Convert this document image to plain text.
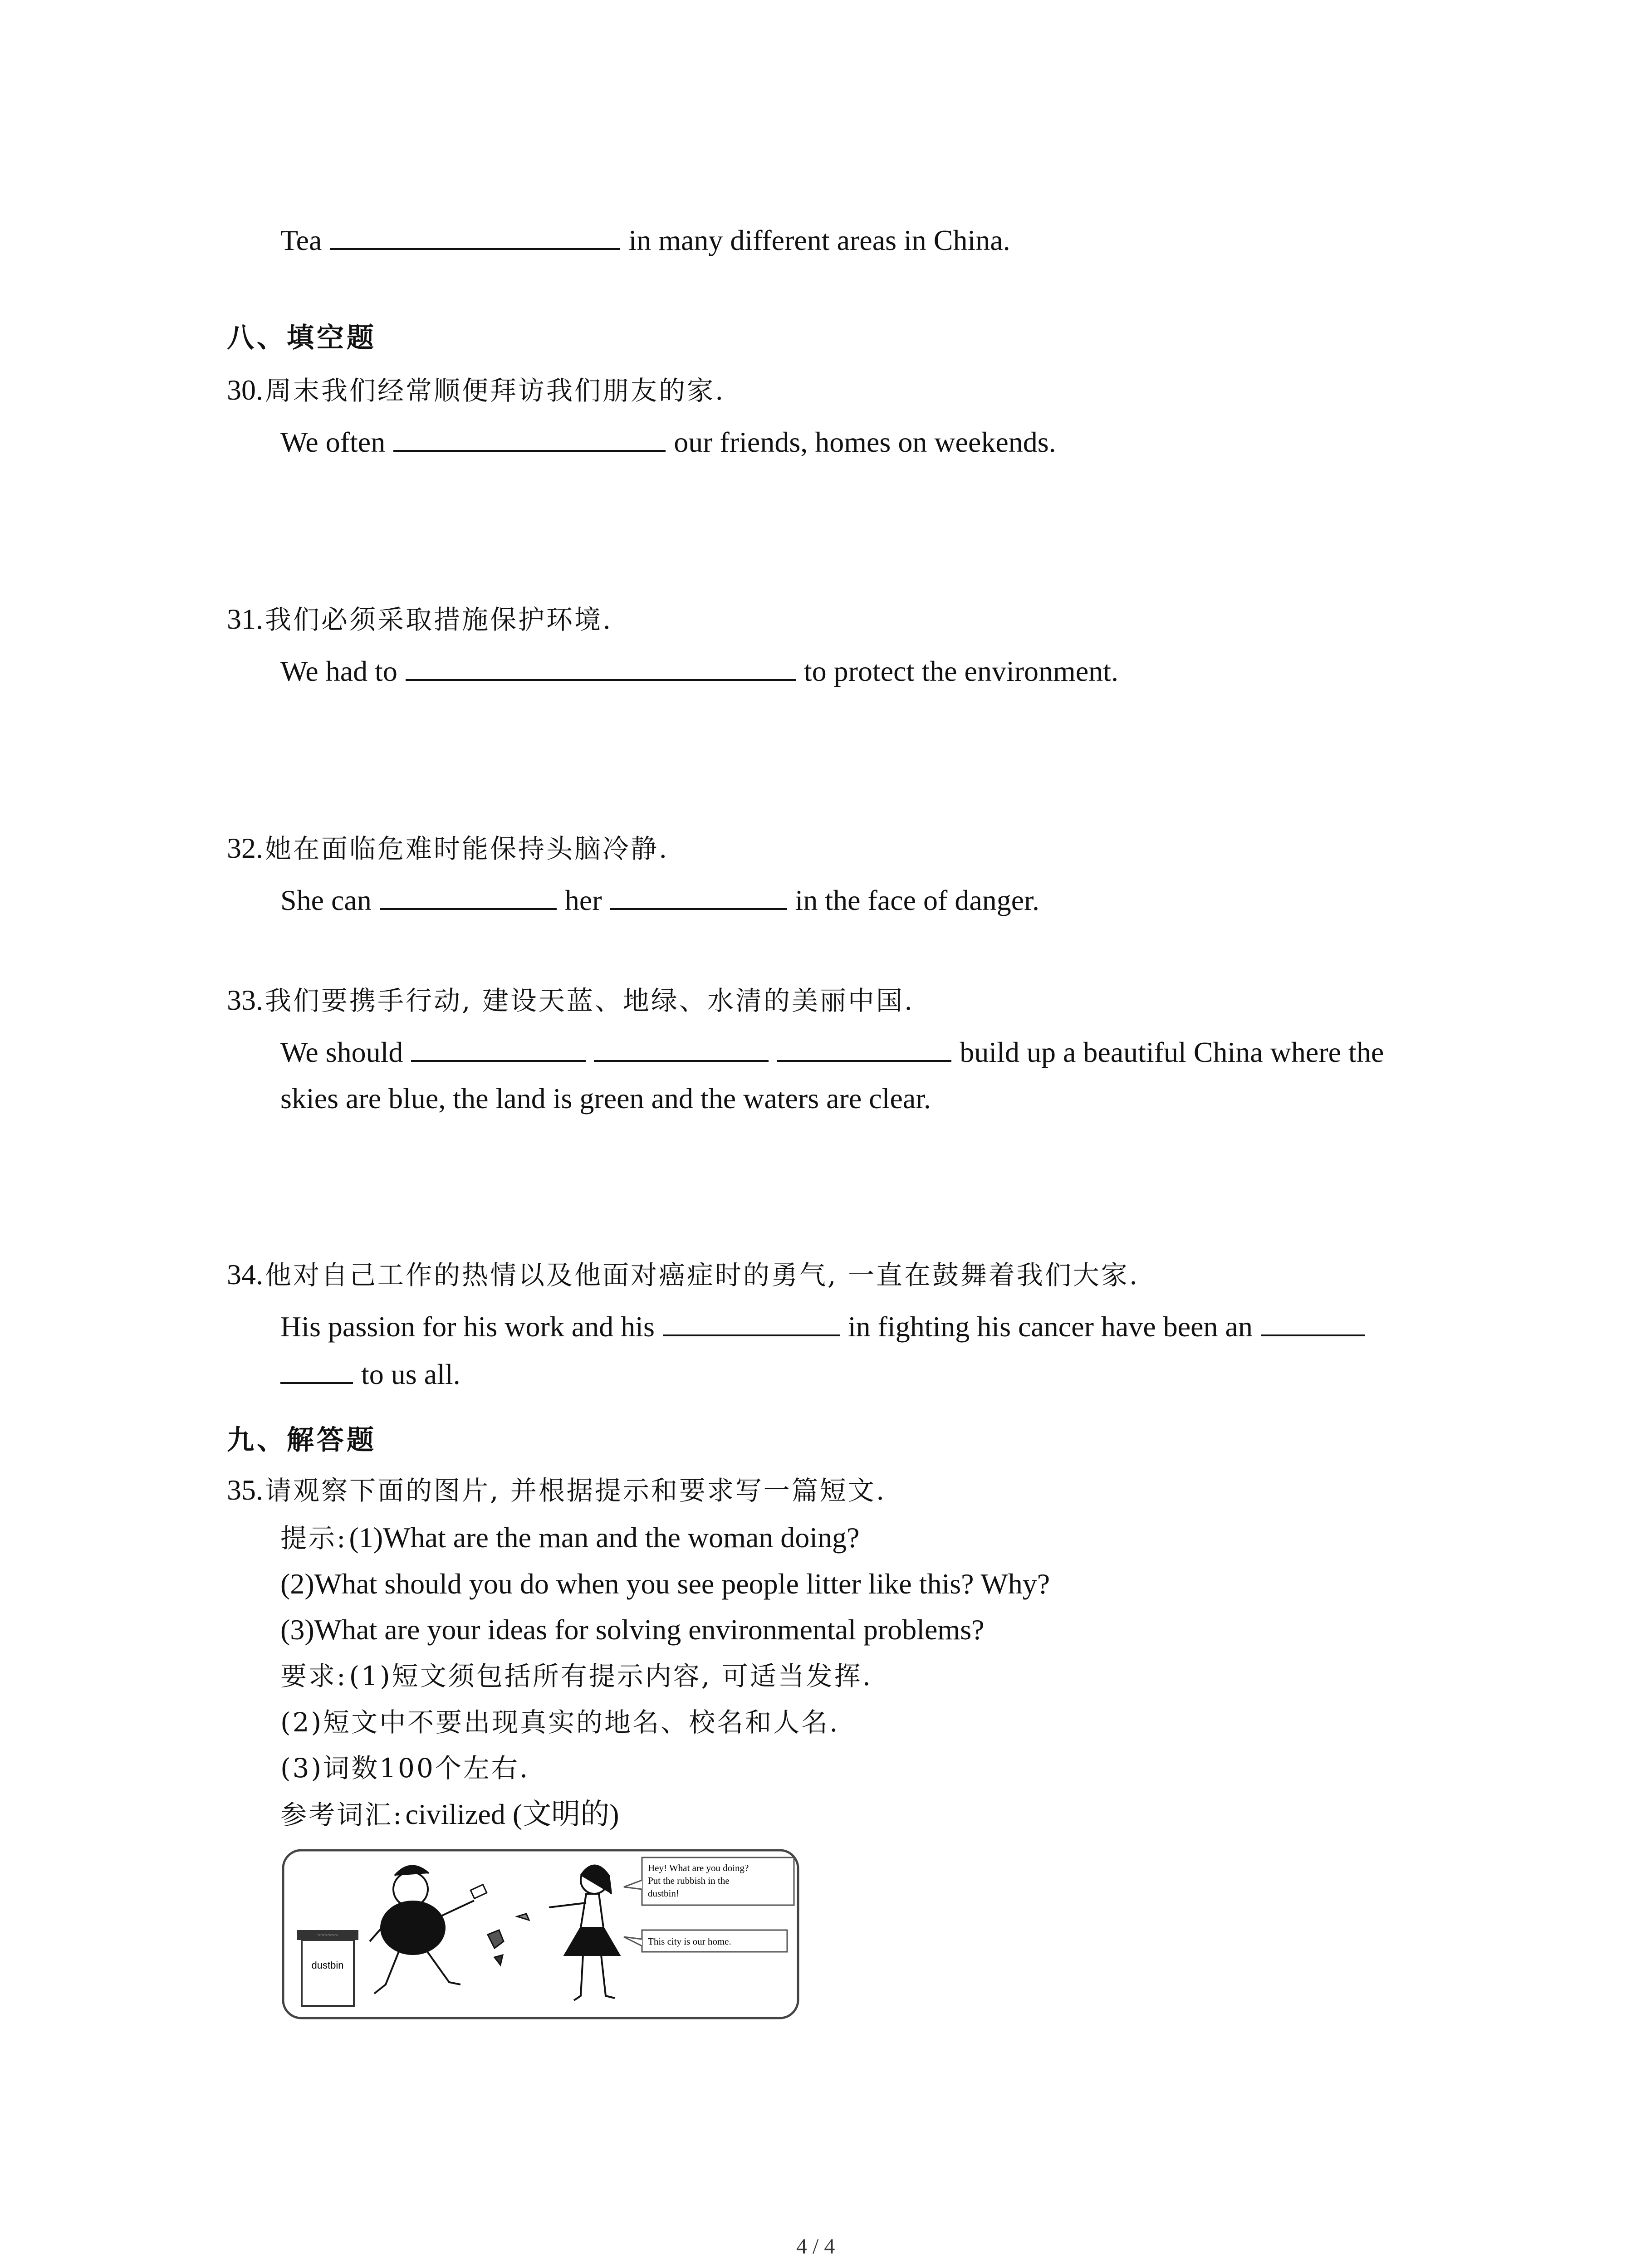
Tea	in many different areas in China.
八、填空题
30. 周末我们经常顺便拜访我们朋友的家.
We often	our friends, homes on weekends.
31. 我们必须采取措施保护环境.
We had to	to protect the environment.
32. 她在面临危难时能保持头脑冷静.
She can	her	in the face of danger.
33. 我们要携手行动, 建设天蓝、地绿、水清的美丽中国.
We should	build up a beautiful China where the
skies are blue, the land is green and the waters are clear.
34. 他对自己工作的热情以及他面对癌症时的勇气, 一直在鼓舞着我们大家.
His passion for his work and his	in fighting his cancer have been an
to us all.
九、解答题
35. 请观察下面的图片, 并根据提示和要求写一篇短文.
提示: (1)What are the man and the woman doing?
(2)What should you do when you see people litter like this? Why?
(3)What are your ideas for solving environmental problems?
要求: (1)短文须包括所有提示内容, 可适当发挥.
(2)短文中不要出现真实的地名、校名和人名.
(3)词数100个左右.
参考词汇: civilized (文明的)
~~~~~~
dustbin
Hey! What are you doing?
Put the rubbish in the
dustbin!
This city is our home.
4 / 4
